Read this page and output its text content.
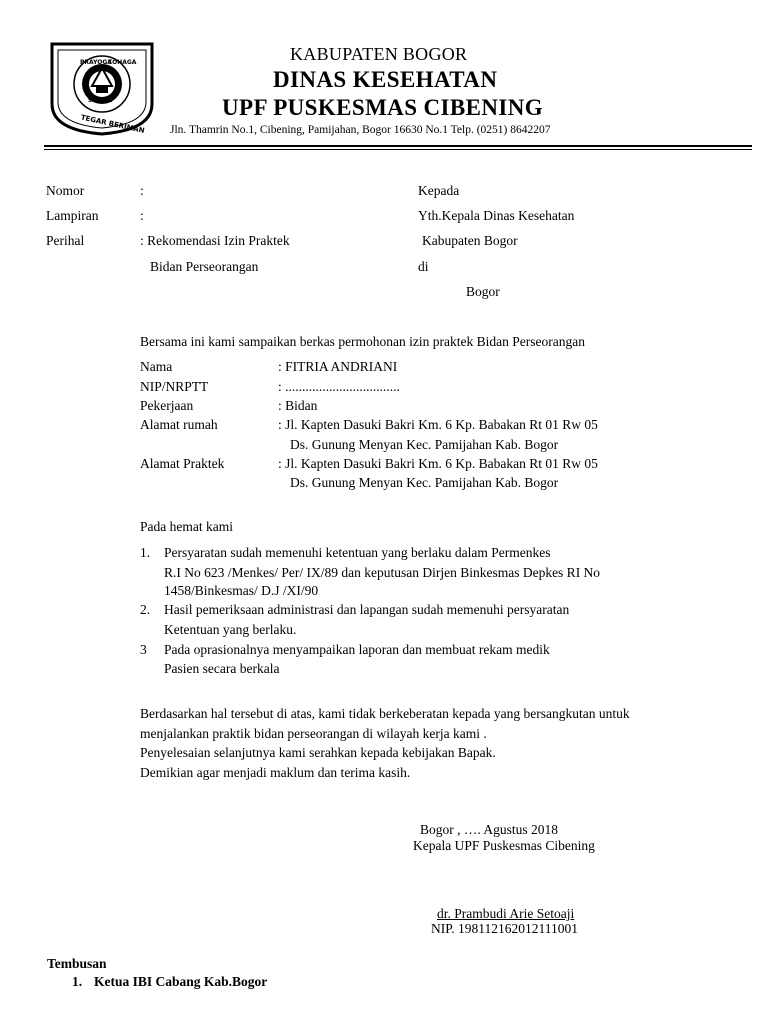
PRAYOGA
TOHAGA
SAYAGA
TEGAR BERIMAN
KABUPATEN BOGOR
DINAS KESEHATAN
UPF PUSKESMAS CIBENING
Jln. Thamrin No.1, Cibening, Pamijahan, Bogor 16630 No.1 Telp. (0251) 8642207
Nomor	:
Lampiran	:
Perihal	: Rekomendasi Izin Praktek
Bidan Perseorangan
Kepada
Yth.Kepala Dinas Kesehatan
Kabupaten Bogor
di
Bogor
Bersama ini kami sampaikan berkas permohonan izin praktek Bidan Perseorangan
Nama	: FITRIA ANDRIANI
NIP/NRPTT	: ..................................
Pekerjaan	: Bidan
Alamat rumah	: Jl. Kapten Dasuki Bakri Km. 6 Kp. Babakan Rt 01 Rw 05
Ds. Gunung Menyan Kec. Pamijahan Kab. Bogor
Alamat Praktek	: Jl. Kapten Dasuki Bakri Km. 6 Kp. Babakan Rt 01 Rw 05
Ds. Gunung Menyan Kec. Pamijahan Kab. Bogor
Pada hemat kami
1. Persyaratan sudah memenuhi ketentuan yang berlaku dalam Permenkes
R.I No 623 /Menkes/ Per/ IX/89 dan keputusan Dirjen Binkesmas Depkes RI No
1458/Binkesmas/ D.J /XI/90
2. Hasil pemeriksaan administrasi dan lapangan sudah memenuhi persyaratan
Ketentuan yang berlaku.
3 Pada oprasionalnya menyampaikan laporan dan membuat rekam medik
Pasien secara berkala
Berdasarkan hal tersebut di atas, kami tidak berkeberatan kepada yang bersangkutan untuk
menjalankan praktik bidan perseorangan di wilayah kerja kami .
Penyelesaian selanjutnya kami serahkan kepada kebijakan Bapak.
Demikian agar menjadi maklum dan terima kasih.
Bogor , …. Agustus 2018
Kepala UPF Puskesmas Cibening
dr. Prambudi Arie Setoaji
NIP. 198112162012111001
Tembusan
1. Ketua IBI Cabang Kab.Bogor
